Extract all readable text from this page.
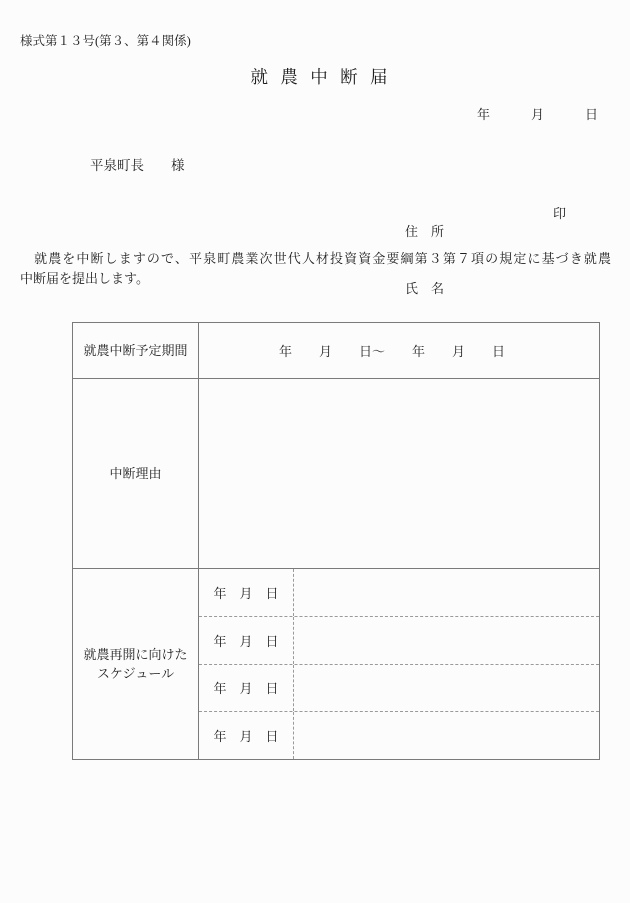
様式第１３号(第３、第４関係)
就 農 中 断 届
年	月	日
平泉町長　　様

住　所

氏　名

印
　就農を中断しますので、平泉町農業次世代人材投資資金要綱第３第７項の規定に基づき就農
中断届を提出します。
就農中断予定期間	年 月 日～ 年 月 日
中断理由
就農再開に向けた
スケジュール
年　月　日
年　月　日
年　月　日
年　月　日
